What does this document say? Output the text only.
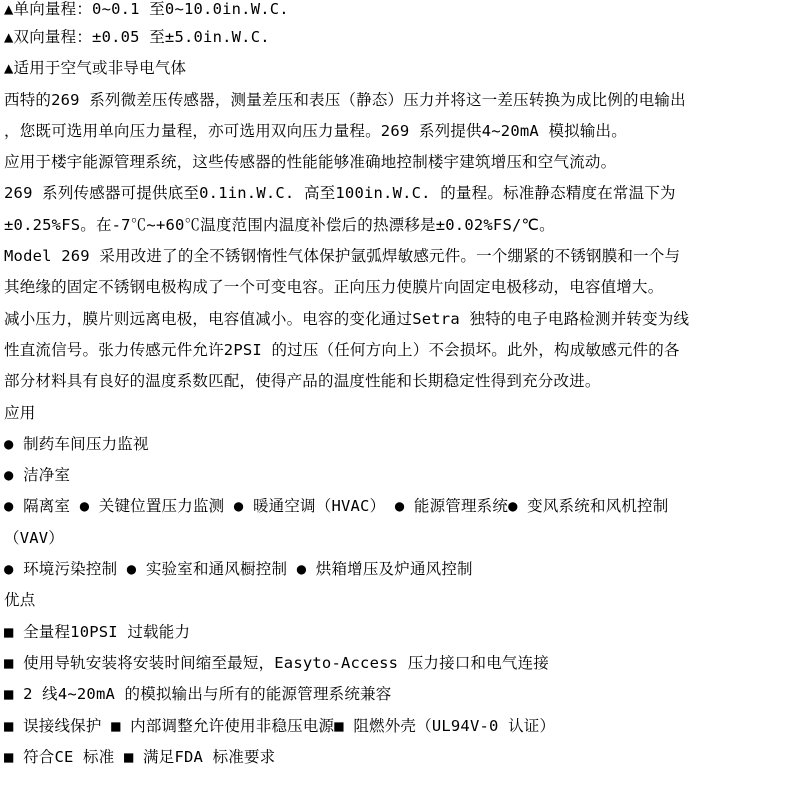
▲单向量程：0~0.1 至0~10.0in.W.C.
▲双向量程：±0.05 至±5.0in.W.C.
▲适用于空气或非导电气体
西特的269 系列微差压传感器，测量差压和表压（静态）压力并将这一差压转换为成比例的电输出
，您既可选用单向压力量程，亦可选用双向压力量程。269 系列提供4~20mA 模拟输出。
应用于楼宇能源管理系统，这些传感器的性能能够准确地控制楼宇建筑增压和空气流动。
269 系列传感器可提供底至0.1in.W.C. 高至100in.W.C. 的量程。标准静态精度在常温下为
±0.25%FS。在-7℃~+60℃温度范围内温度补偿后的热漂移是±0.02%FS/℃。
Model 269 采用改进了的全不锈钢惰性气体保护氩弧焊敏感元件。一个绷紧的不锈钢膜和一个与
其绝缘的固定不锈钢电极构成了一个可变电容。正向压力使膜片向固定电极移动，电容值增大。
减小压力，膜片则远离电极，电容值减小。电容的变化通过Setra 独特的电子电路检测并转变为线
性直流信号。张力传感元件允许2PSI 的过压（任何方向上）不会损坏。此外，构成敏感元件的各
部分材料具有良好的温度系数匹配，使得产品的温度性能和长期稳定性得到充分改进。
应用
● 制药车间压力监视
● 洁净室
● 隔离室 ● 关键位置压力监测 ● 暖通空调（HVAC） ● 能源管理系统● 变风系统和风机控制
（VAV）
● 环境污染控制 ● 实验室和通风橱控制 ● 烘箱增压及炉通风控制
优点
■ 全量程10PSI 过载能力
■ 使用导轨安装将安装时间缩至最短，Easyto-Access 压力接口和电气连接
■ 2 线4~20mA 的模拟输出与所有的能源管理系统兼容
■ 误接线保护 ■ 内部调整允许使用非稳压电源■ 阻燃外壳（UL94V-0 认证）
■ 符合CE 标准 ■ 满足FDA 标准要求
